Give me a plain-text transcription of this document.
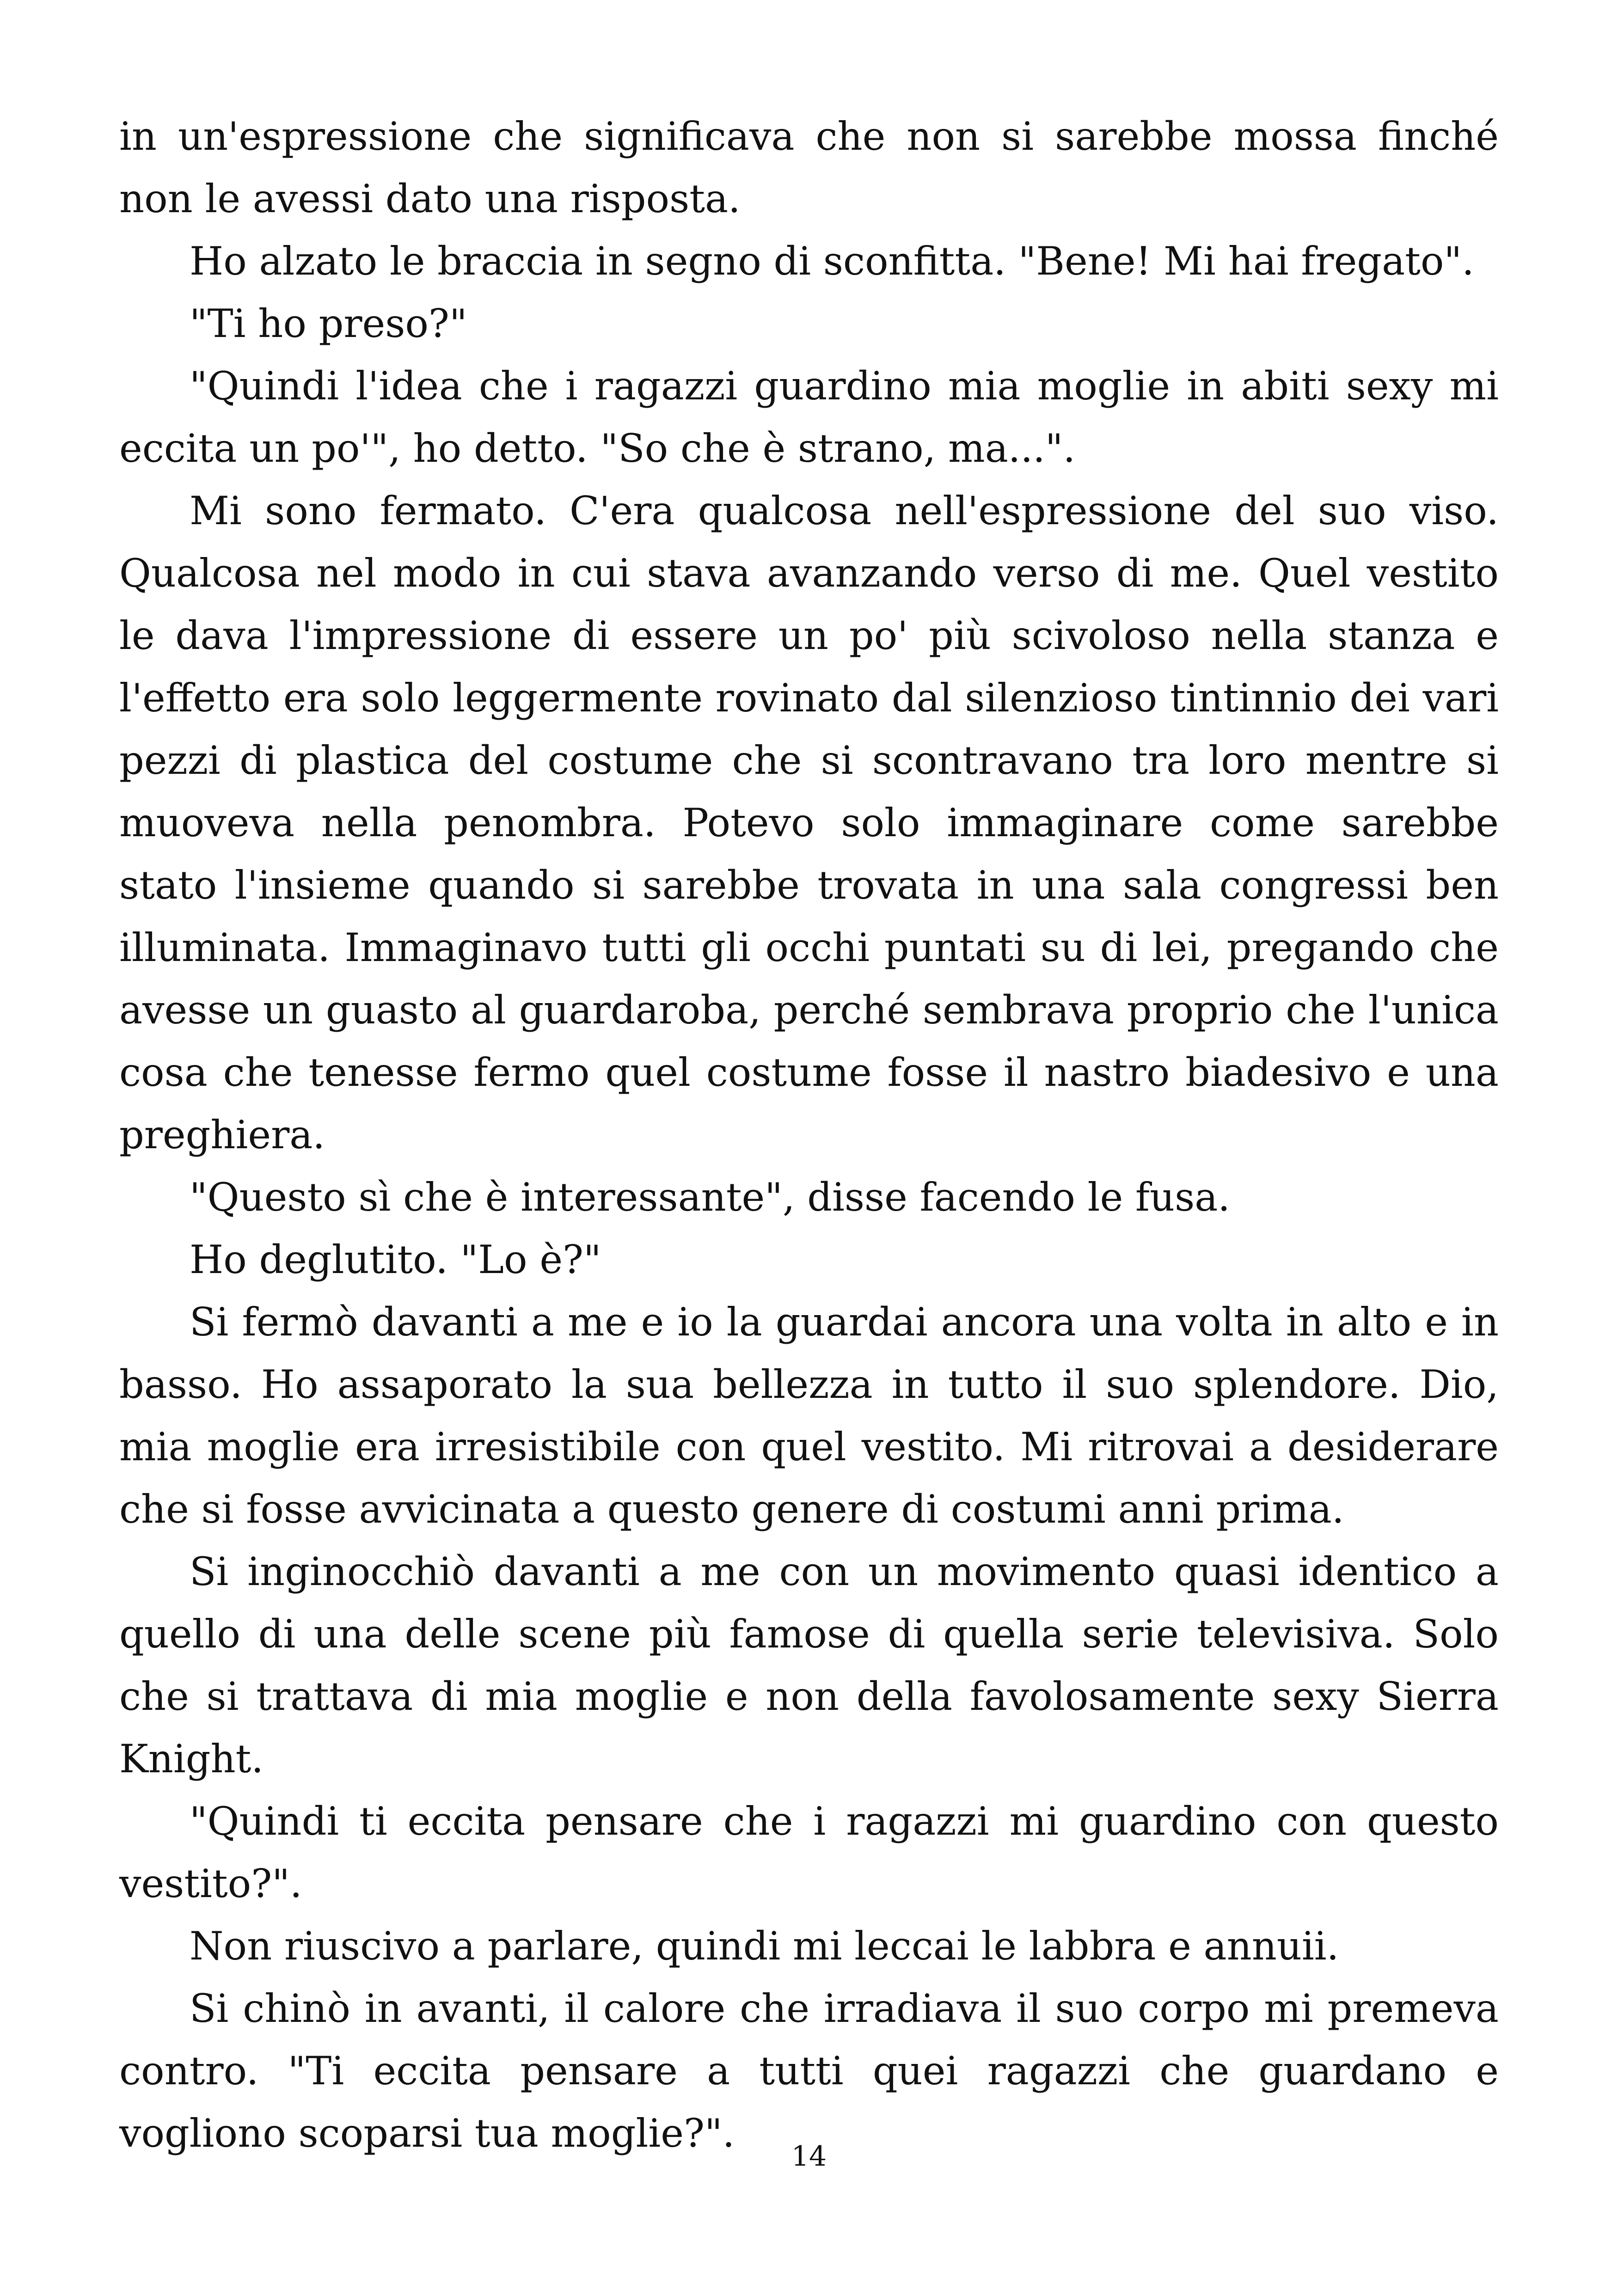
in un'espressione che significava che non si sarebbe mossa finché non le avessi dato una risposta.

Ho alzato le braccia in segno di sconfitta. "Bene! Mi hai fregato".

"Ti ho preso?"

"Quindi l'idea che i ragazzi guardino mia moglie in abiti sexy mi eccita un po'", ho detto. "So che è strano, ma...".

Mi sono fermato. C'era qualcosa nell'espressione del suo viso. Qualcosa nel modo in cui stava avanzando verso di me. Quel vestito le dava l'impressione di essere un po' più scivoloso nella stanza e l'effetto era solo leggermente rovinato dal silenzioso tintinnio dei vari pezzi di plastica del costume che si scontravano tra loro mentre si muoveva nella penombra. Potevo solo immaginare come sarebbe stato l'insieme quando si sarebbe trovata in una sala congressi ben illuminata. Immaginavo tutti gli occhi puntati su di lei, pregando che avesse un guasto al guardaroba, perché sembrava proprio che l'unica cosa che tenesse fermo quel costume fosse il nastro biadesivo e una preghiera.

"Questo sì che è interessante", disse facendo le fusa.

Ho deglutito. "Lo è?"

Si fermò davanti a me e io la guardai ancora una volta in alto e in basso. Ho assaporato la sua bellezza in tutto il suo splendore. Dio, mia moglie era irresistibile con quel vestito. Mi ritrovai a desiderare che si fosse avvicinata a questo genere di costumi anni prima.

Si inginocchiò davanti a me con un movimento quasi identico a quello di una delle scene più famose di quella serie televisiva. Solo che si trattava di mia moglie e non della favolosamente sexy Sierra Knight.

"Quindi ti eccita pensare che i ragazzi mi guardino con questo vestito?".

Non riuscivo a parlare, quindi mi leccai le labbra e annuii.

Si chinò in avanti, il calore che irradiava il suo corpo mi premeva contro. "Ti eccita pensare a tutti quei ragazzi che guardano e vogliono scoparsi tua moglie?".

14
